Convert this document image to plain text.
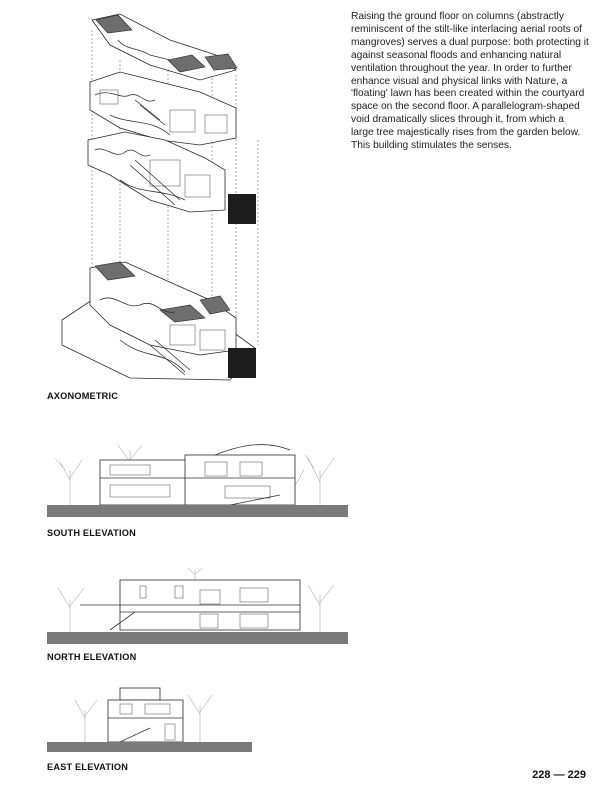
Raising the ground floor on columns (abstractly reminiscent of the stilt-like interlacing aerial roots of mangroves) serves a dual purpose: both protecting it against seasonal floods and enhancing natural ventilation throughout the year. In order to further enhance visual and physical links with Nature, a 'floating' lawn has been created within the courtyard space on the second floor. A parallelogram-shaped void dramatically slices through it, from which a large tree majestically rises from the garden below. This building stimulates the senses.

AXONOMETRIC
SOUTH ELEVATION
NORTH ELEVATION
EAST ELEVATION
228 — 229
